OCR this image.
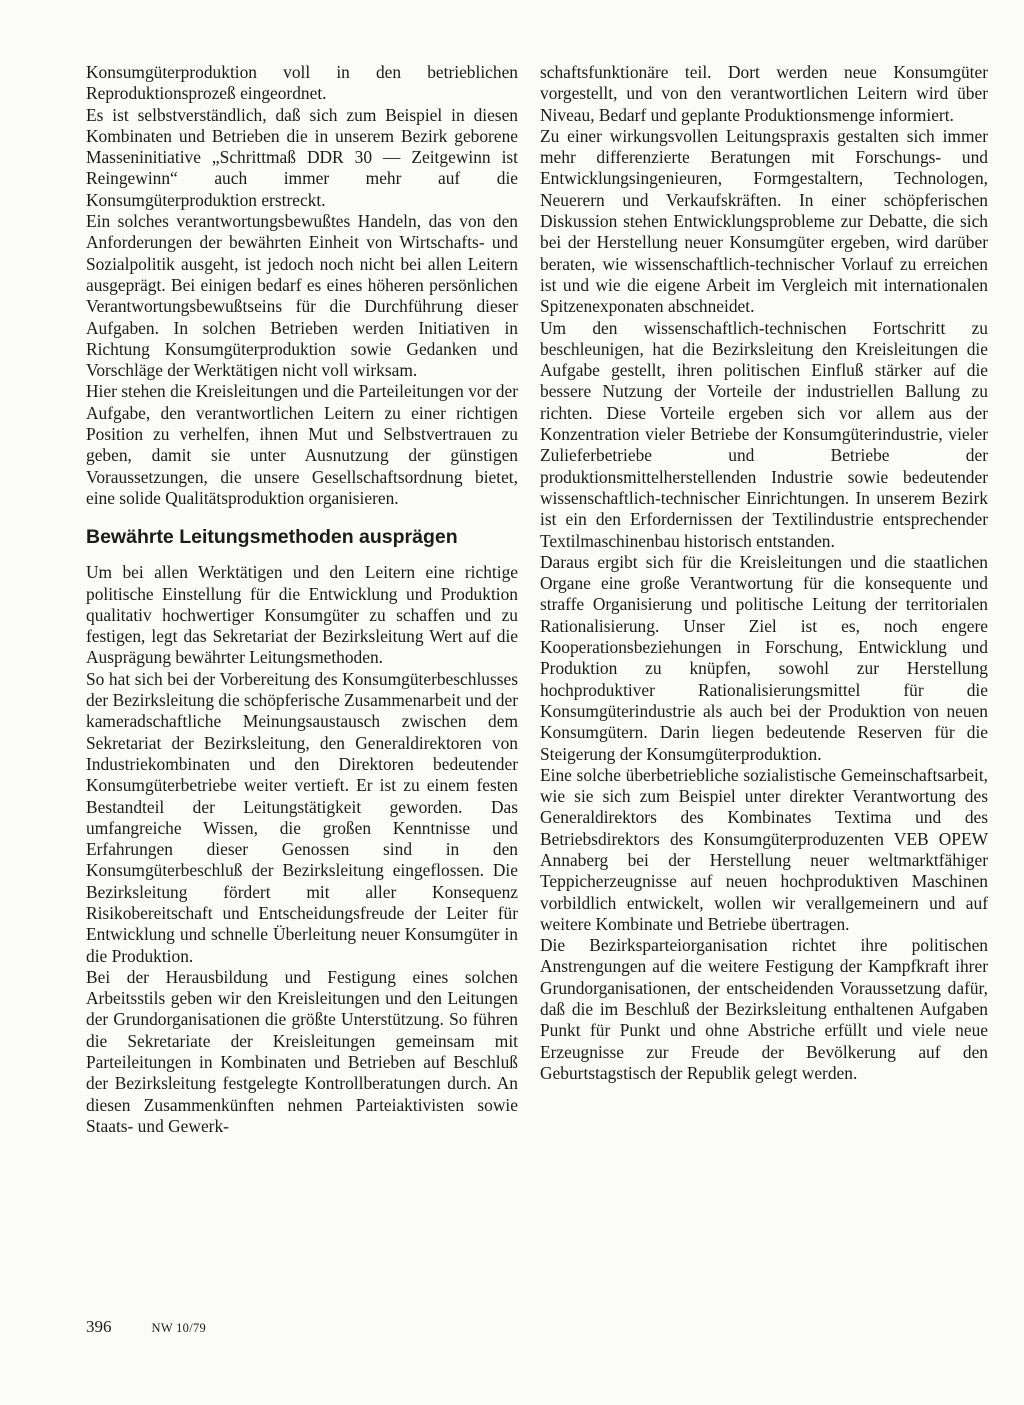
Konsumgüterproduktion voll in den betrieblichen Reproduktionsprozeß eingeordnet.

Es ist selbstverständlich, daß sich zum Beispiel in diesen Kombinaten und Betrieben die in unserem Bezirk geborene Masseninitiative „Schrittmaß DDR 30 — Zeitgewinn ist Reingewinn“ auch immer mehr auf die Konsumgüterproduktion erstreckt.

Ein solches verantwortungsbewußtes Handeln, das von den Anforderungen der bewährten Einheit von Wirtschafts- und Sozialpolitik ausgeht, ist jedoch noch nicht bei allen Leitern ausgeprägt. Bei einigen bedarf es eines höheren persönlichen Verantwortungsbewußtseins für die Durchführung dieser Aufgaben. In solchen Betrieben werden Initiativen in Richtung Konsumgüterproduktion sowie Gedanken und Vorschläge der Werktätigen nicht voll wirksam.

Hier stehen die Kreisleitungen und die Parteileitungen vor der Aufgabe, den verantwortlichen Leitern zu einer richtigen Position zu verhelfen, ihnen Mut und Selbstvertrauen zu geben, damit sie unter Ausnutzung der günstigen Voraussetzungen, die unsere Gesellschaftsordnung bietet, eine solide Qualitätsproduktion organisieren.

Bewährte Leitungsmethoden ausprägen

Um bei allen Werktätigen und den Leitern eine richtige politische Einstellung für die Entwicklung und Produktion qualitativ hochwertiger Konsumgüter zu schaffen und zu festigen, legt das Sekretariat der Bezirksleitung Wert auf die Ausprägung bewährter Leitungsmethoden.

So hat sich bei der Vorbereitung des Konsumgüterbeschlusses der Bezirksleitung die schöpferische Zusammenarbeit und der kameradschaftliche Meinungsaustausch zwischen dem Sekretariat der Bezirksleitung, den Generaldirektoren von Industriekombinaten und den Direktoren bedeutender Konsumgüterbetriebe weiter vertieft. Er ist zu einem festen Bestandteil der Leitungstätigkeit geworden. Das umfangreiche Wissen, die großen Kenntnisse und Erfahrungen dieser Genossen sind in den Konsumgüterbeschluß der Bezirksleitung eingeflossen. Die Bezirksleitung fördert mit aller Konsequenz Risikobereitschaft und Entscheidungsfreude der Leiter für Entwicklung und schnelle Überleitung neuer Konsumgüter in die Produktion.

Bei der Herausbildung und Festigung eines solchen Arbeitsstils geben wir den Kreisleitungen und den Leitungen der Grundorganisationen die größte Unterstützung. So führen die Sekretariate der Kreisleitungen gemeinsam mit Parteileitungen in Kombinaten und Betrieben auf Beschluß der Bezirksleitung festgelegte Kontrollberatungen durch. An diesen Zusammenkünften nehmen Parteiaktivisten sowie Staats- und Gewerk-

schaftsfunktionäre teil. Dort werden neue Konsumgüter vorgestellt, und von den verantwortlichen Leitern wird über Niveau, Bedarf und geplante Produktionsmenge informiert.

Zu einer wirkungsvollen Leitungspraxis gestalten sich immer mehr differenzierte Beratungen mit Forschungs- und Entwicklungsingenieuren, Formgestaltern, Technologen, Neuerern und Verkaufskräften. In einer schöpferischen Diskussion stehen Entwicklungsprobleme zur Debatte, die sich bei der Herstellung neuer Konsumgüter ergeben, wird darüber beraten, wie wissenschaftlich-technischer Vorlauf zu erreichen ist und wie die eigene Arbeit im Vergleich mit internationalen Spitzenexponaten abschneidet.

Um den wissenschaftlich-technischen Fortschritt zu beschleunigen, hat die Bezirksleitung den Kreisleitungen die Aufgabe gestellt, ihren politischen Einfluß stärker auf die bessere Nutzung der Vorteile der industriellen Ballung zu richten. Diese Vorteile ergeben sich vor allem aus der Konzentration vieler Betriebe der Konsumgüterindustrie, vieler Zulieferbetriebe und Betriebe der produktionsmittelherstellenden Industrie sowie bedeutender wissenschaftlich-technischer Einrichtungen. In unserem Bezirk ist ein den Erfordernissen der Textilindustrie entsprechender Textilmaschinenbau historisch entstanden.

Daraus ergibt sich für die Kreisleitungen und die staatlichen Organe eine große Verantwortung für die konsequente und straffe Organisierung und politische Leitung der territorialen Rationalisierung. Unser Ziel ist es, noch engere Kooperationsbeziehungen in Forschung, Entwicklung und Produktion zu knüpfen, sowohl zur Herstellung hochproduktiver Rationalisierungsmittel für die Konsumgüterindustrie als auch bei der Produktion von neuen Konsumgütern. Darin liegen bedeutende Reserven für die Steigerung der Konsumgüterproduktion.

Eine solche überbetriebliche sozialistische Gemeinschaftsarbeit, wie sie sich zum Beispiel unter direkter Verantwortung des Generaldirektors des Kombinates Textima und des Betriebsdirektors des Konsumgüterproduzenten VEB OPEW Annaberg bei der Herstellung neuer weltmarktfähiger Teppicherzeugnisse auf neuen hochproduktiven Maschinen vorbildlich entwickelt, wollen wir verallgemeinern und auf weitere Kombinate und Betriebe übertragen.

Die Bezirksparteiorganisation richtet ihre politischen Anstrengungen auf die weitere Festigung der Kampfkraft ihrer Grundorganisationen, der entscheidenden Voraussetzung dafür, daß die im Beschluß der Bezirksleitung enthaltenen Aufgaben Punkt für Punkt und ohne Abstriche erfüllt und viele neue Erzeugnisse zur Freude der Bevölkerung auf den Geburtstagstisch der Republik gelegt werden.

396	NW 10/79
